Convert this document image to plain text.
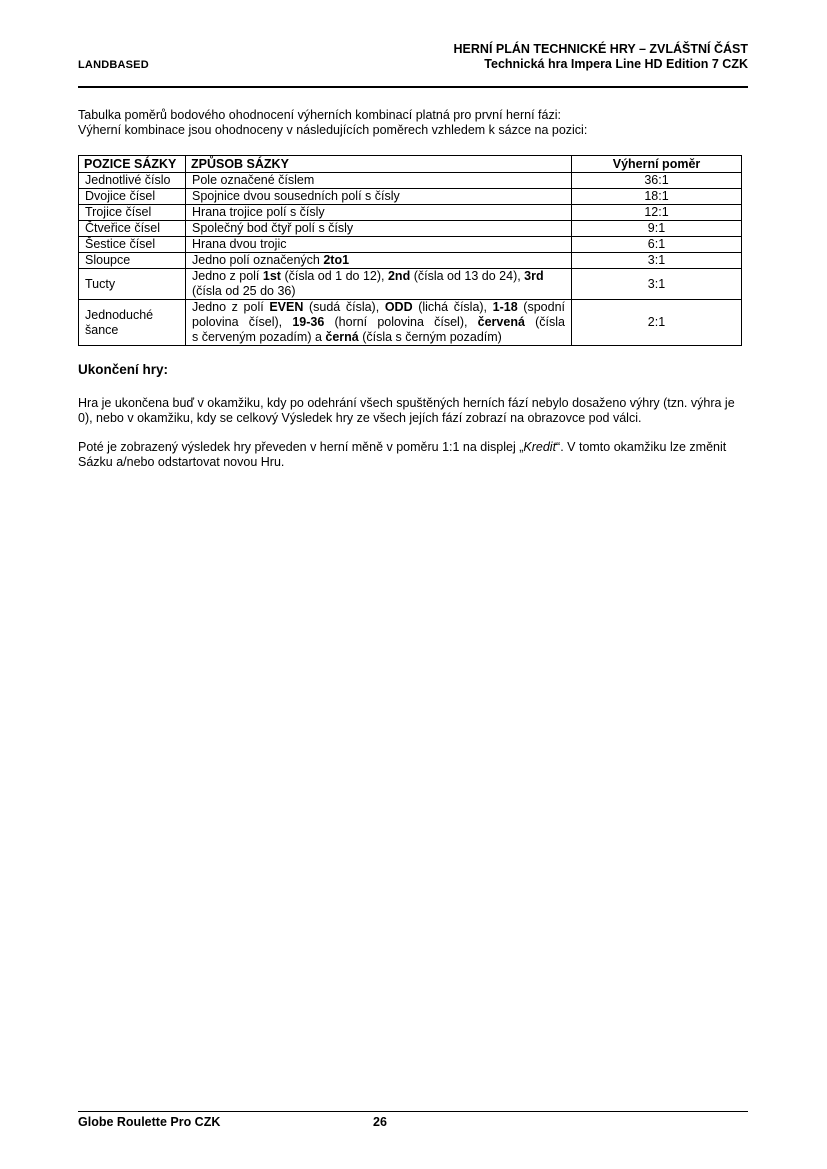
LANDBASED
HERNÍ PLÁN TECHNICKÉ HRY – ZVLÁŠTNÍ ČÁST
Technická hra Impera Line HD Edition 7 CZK
Tabulka poměrů bodového ohodnocení výherních kombinací platná pro první herní fázi:
Výherní kombinace jsou ohodnoceny v následujících poměrech vzhledem k sázce na pozici:
POZICE SÁZKY	ZPŮSOB SÁZKY	Výherní poměr
Jednotlivé číslo	Pole označené číslem	36:1
Dvojice čísel	Spojnice dvou sousedních polí s čísly	18:1
Trojice čísel	Hrana trojice polí s čísly	12:1
Čtveřice čísel	Společný bod čtyř polí s čísly	9:1
Šestice čísel	Hrana dvou trojic	6:1
Sloupce	Jedno polí označených 2to1	3:1
Tucty	Jedno z polí 1st (čísla od 1 do 12), 2nd (čísla od 13 do 24), 3rd (čísla od 25 do 36)	3:1
Jednoduché šance	Jedno z polí EVEN (sudá čísla), ODD (lichá čísla), 1-18 (spodní polovina čísel), 19-36 (horní polovina čísel), červená (čísla s červeným pozadím) a černá (čísla s černým pozadím)	2:1
Ukončení hry:

Hra je ukončena buď v okamžiku, kdy po odehrání všech spuštěných herních fází nebylo dosaženo výhry (tzn. výhra je 0), nebo v okamžiku, kdy se celkový Výsledek hry ze všech jejích fází zobrazí na obrazovce pod válci.

Poté je zobrazený výsledek hry převeden v herní měně v poměru 1:1 na displej „Kredit“. V tomto okamžiku lze změnit Sázku a/nebo odstartovat novou Hru.

Globe Roulette Pro CZK	26
